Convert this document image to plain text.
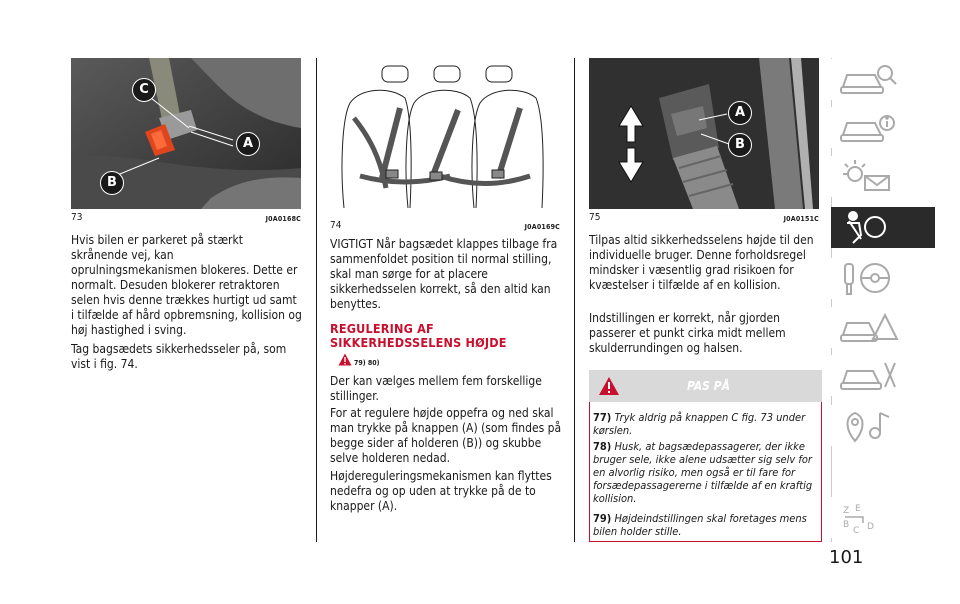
C
A
B
73	J0A0168C
74	J0A0169C
A
B
75	J0A0151C

Hvis bilen er parkeret på stærkt skrånende vej, kan oprulningsmekanismen blokeres. Dette er normalt. Desuden blokerer retraktoren selen hvis denne trækkes hurtigt ud samt i tilfælde af hård opbremsning, kollision og høj hastighed i sving.

Tag bagsædets sikkerhedsseler på, som vist i fig. 74.

VIGTIGT Når bagsædet klappes tilbage fra sammenfoldet position til normal stilling, skal man sørge for at placere sikkerhedsselen korrekt, så den altid kan benyttes.

REGULERING AF SIKKERHEDSSELENS HØJDE

79) 80)

Der kan vælges mellem fem forskellige stillinger.

For at regulere højde oppefra og ned skal man trykke på knappen (A) (som findes på begge sider af holderen (B)) og skubbe selve holderen nedad.

Højdereguleringsmekanismen kan flyttes nedefra og op uden at trykke på de to knapper (A).

Tilpas altid sikkerhedsselens højde til den individuelle bruger. Denne forholdsregel mindsker i væsentlig grad risikoen for kvæstelser i tilfælde af en kollision.

Indstillingen er korrekt, når gjorden passerer et punkt cirka midt mellem skulderrundingen og halsen.

PAS PÅ

77) Tryk aldrig på knappen C fig. 73 under kørslen.

78) Husk, at bagsædepassagerer, der ikke bruger sele, ikke alene udsætter sig selv for en alvorlig risiko, men også er til fare for forsædepassagererne i tilfælde af en kraftig kollision.

79) Højdeindstillingen skal foretages mens bilen holder stille.

Z E
B
C D
101
